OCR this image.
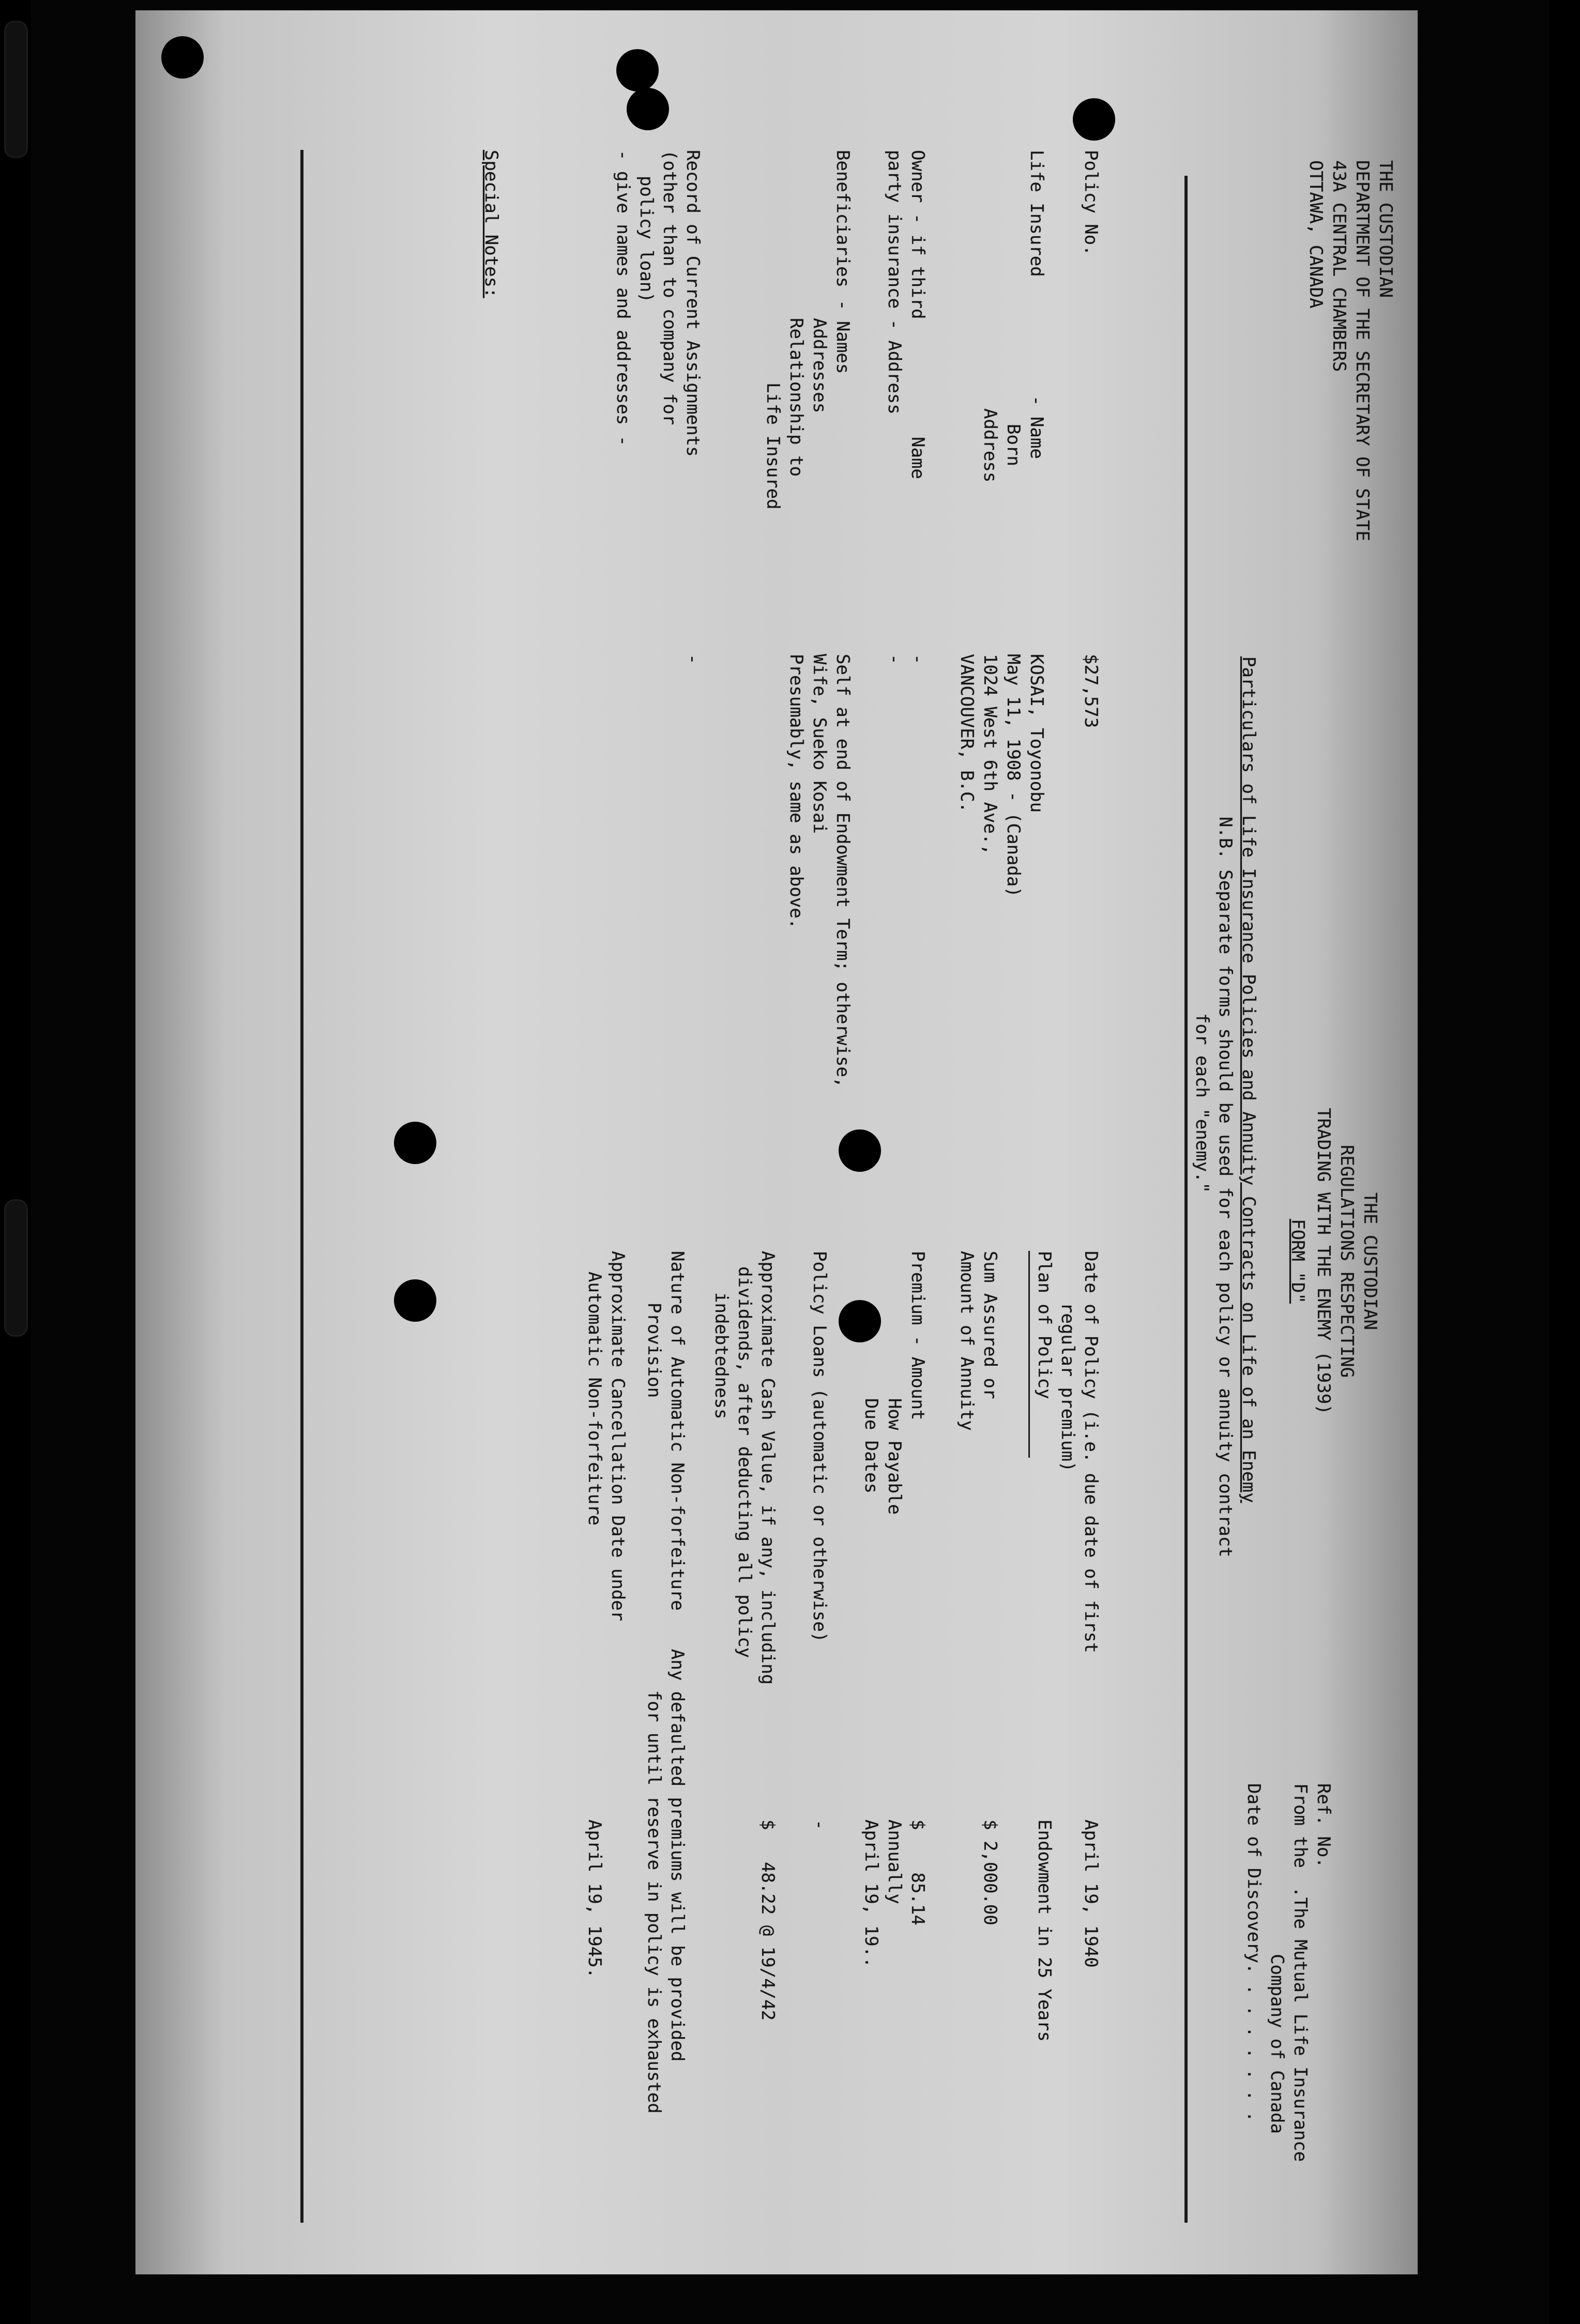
THE CUSTODIAN
DEPARTMENT OF THE SECRETARY OF STATE
43A CENTRAL CHAMBERS
OTTAWA, CANADA
THE CUSTODIAN
REGULATIONS RESPECTING
TRADING WITH THE ENEMY (1939)
FORM "D"
Particulars of Life Insurance Policies and Annuity Contracts on Life of an Enemy
N.B. Separate forms should be used for each policy or annuity contract
for each "enemy."
Ref. No.
From the
.The Mutual Life Insurance
Company of Canada
Date of Discovery. . . . . . . .
Policy No.
$27,573
Life Insured
- Name
KOSAI, Toyonobu
Born
May 11, 1908 - (Canada)
Address
1024 West 6th Ave.,
VANCOUVER, B.C.
Owner - if third
Name
-
party insurance - Address
-
Beneficiaries
- Names
Self at end of Endowment Term; otherwise,
Addresses
Wife, Sueko Kosai
Relationship to
Presumably, same as above.
Life Insured
Record of Current Assignments
-
(other than to company for
policy loan)
- give names and addresses -
Special Notes:
Date of Policy (i.e. due date of first
April 19, 1940
regular premium)
Plan of Policy
Endowment in 25 Years
Sum Assured or
$ 2,000.00
Amount of Annuity
Premium - Amount
$    85.14
How Payable
Annually
Due Dates
April 19, 19..
Policy Loans (automatic or otherwise)
-
Approximate Cash Value, if any, including
$   48.22 @ 19/4/42
dividends, after deducting all policy
indebtedness
Nature of Automatic Non-forfeiture
Any defaulted premiums will be provided
Provision
for until reserve in policy is exhausted
Approximate Cancellation Date under
Automatic Non-forfeiture
April 19, 1945.
